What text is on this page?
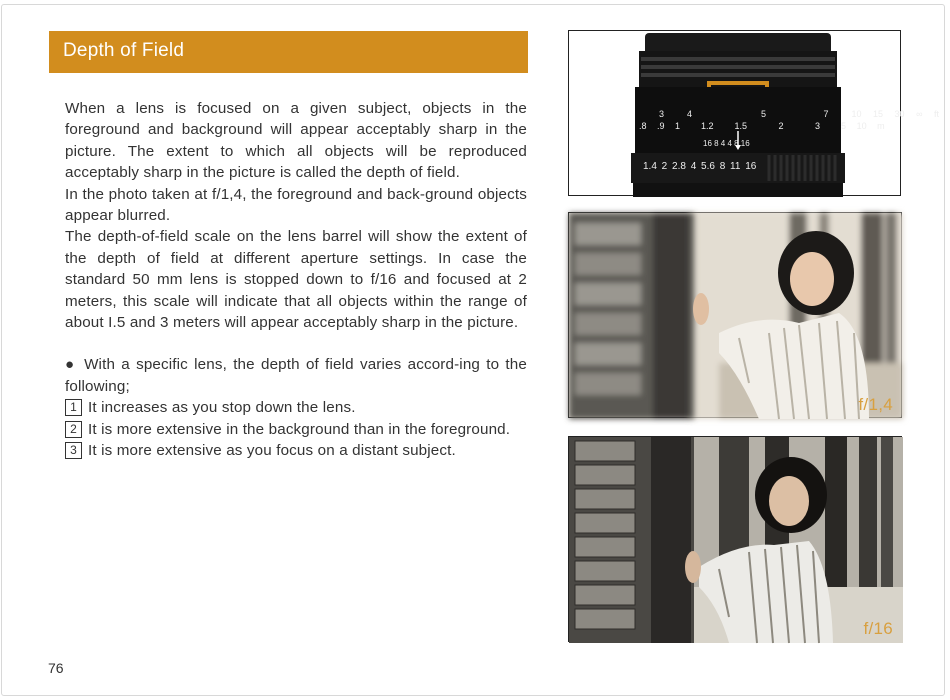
Depth of Field

When a lens is focused on a given subject, objects in the foreground and background will appear acceptably sharp in the picture. The extent to which all objects will be reproduced acceptably sharp in the picture is called the depth of field.

In the photo taken at f/1,4, the foreground and back-ground objects appear blurred.

The depth-of-field scale on the lens barrel will show the extent of the depth of field at different aperture settings. In case the standard 50 mm lens is stopped down to f/16 and focused at 2 meters, this scale will indicate that all objects within the range of about I.5 and 3 meters will appear acceptably sharp in the picture.

● With a specific lens, the depth of field varies accord-ing to the following;

1 It increases as you stop down the lens.

2 It is more extensive in the background than in the foreground.

3 It is more extensive as you focus on a distant subject.

76
3  4      5     7  10 15 30 ∞ ft
.8 .9 1  1.2  1.5   2   3  5 10 m
16 8 4 4 8 16
1.4 2 2.8 4 5.6 8 11 16
f/1,4
f/16
